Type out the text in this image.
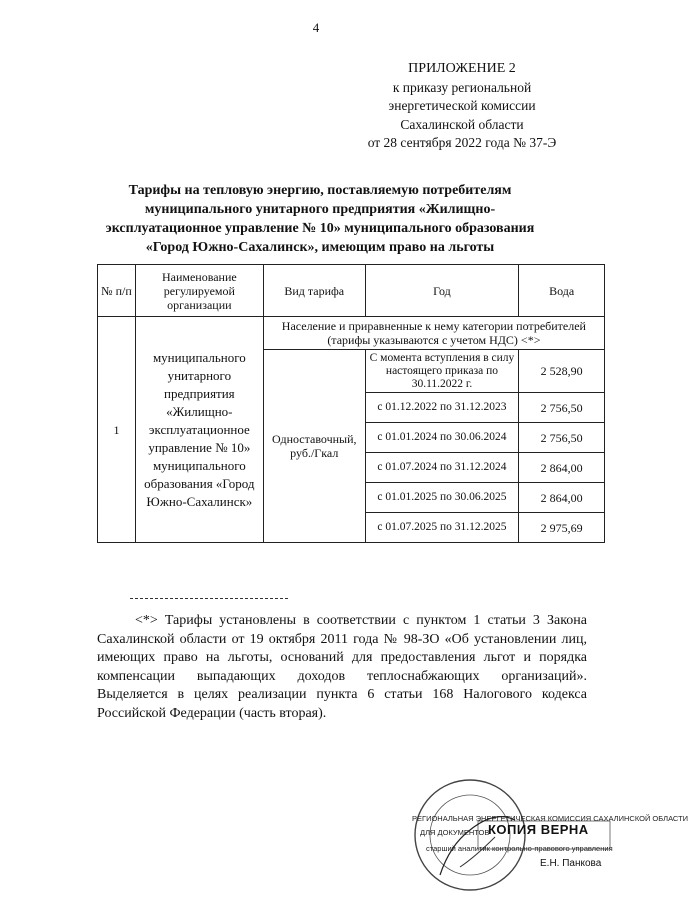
4
ПРИЛОЖЕНИЕ 2
к приказу региональной
энергетической комиссии
Сахалинской области
от 28 сентября 2022 года № 37-Э
Тарифы на тепловую энергию, поставляемую потребителям
муниципального унитарного предприятия «Жилищно-
эксплуатационное управление № 10» муниципального образования
«Город Южно-Сахалинск», имеющим право на льготы
№ п/п	Наименование регулируемой организации	Вид тарифа	Год	Вода
1	муниципального унитарного предприятия «Жилищно-эксплуатационное управление № 10» муниципального образования «Город Южно-Сахалинск»	Население и приравненные к нему категории потребителей (тарифы указываются с учетом НДС) <*>		
		Одноставочный, руб./Гкал		
			С момента вступления в силу настоящего приказа по 30.11.2022 г.	2 528,90
			с 01.12.2022 по 31.12.2023	2 756,50
			с 01.01.2024 по 30.06.2024	2 756,50
			с 01.07.2024 по 31.12.2024	2 864,00
			с 01.01.2025 по 30.06.2025	2 864,00
			с 01.07.2025 по 31.12.2025	2 975,69
<*> Тарифы установлены в соответствии с пунктом 1 статьи 3 Закона Сахалинской области от 19 октября 2011 года № 98-ЗО «Об установлении лиц, имеющих право на льготы, оснований для предоставления льгот и порядка компенсации выпадающих доходов теплоснабжающих организаций». Выделяется в целях реализации пункта 6 статьи 168 Налогового кодекса Российской Федерации (часть вторая).
РЕГИОНАЛЬНАЯ ЭНЕРГЕТИЧЕСКАЯ КОМИССИЯ САХАЛИНСКОЙ ОБЛАСТИ
ДЛЯ ДОКУМЕНТОВ
КОПИЯ ВЕРНА
старший аналитик контрольно-правового управления
Е.Н. Панкова
